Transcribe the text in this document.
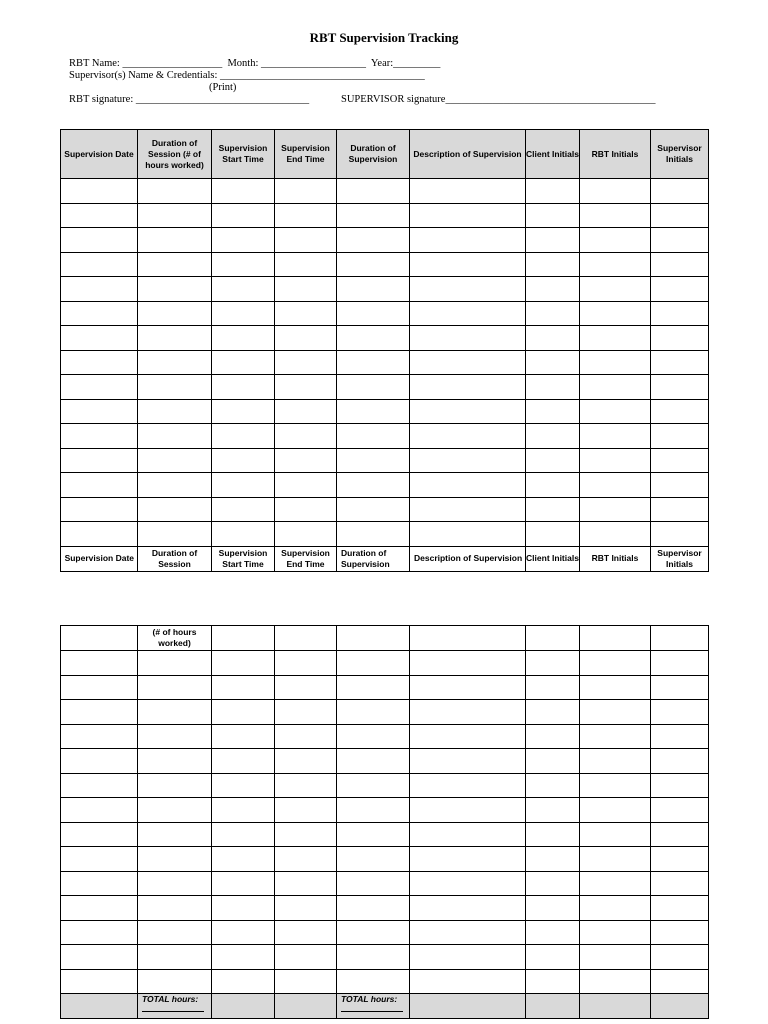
RBT Supervision Tracking
RBT Name: ___________________  Month: ____________________  Year:_________
Supervisor(s) Name & Credentials: _______________________________________
(Print)
RBT signature: _________________________________	SUPERVISOR signature________________________________________
Supervision Date	Duration of Session (# of hours worked)	Supervision Start Time	Supervision End Time	Duration of Supervision	Description of Supervision	Client Initials	RBT Initials	Supervisor Initials

Supervision Date	Duration of Session	Supervision Start Time	Supervision End Time	Duration of Supervision	Description of Supervision	Client Initials	RBT Initials	Supervisor Initials
	(# of hours worked)							

	TOTAL hours:			TOTAL hours:
